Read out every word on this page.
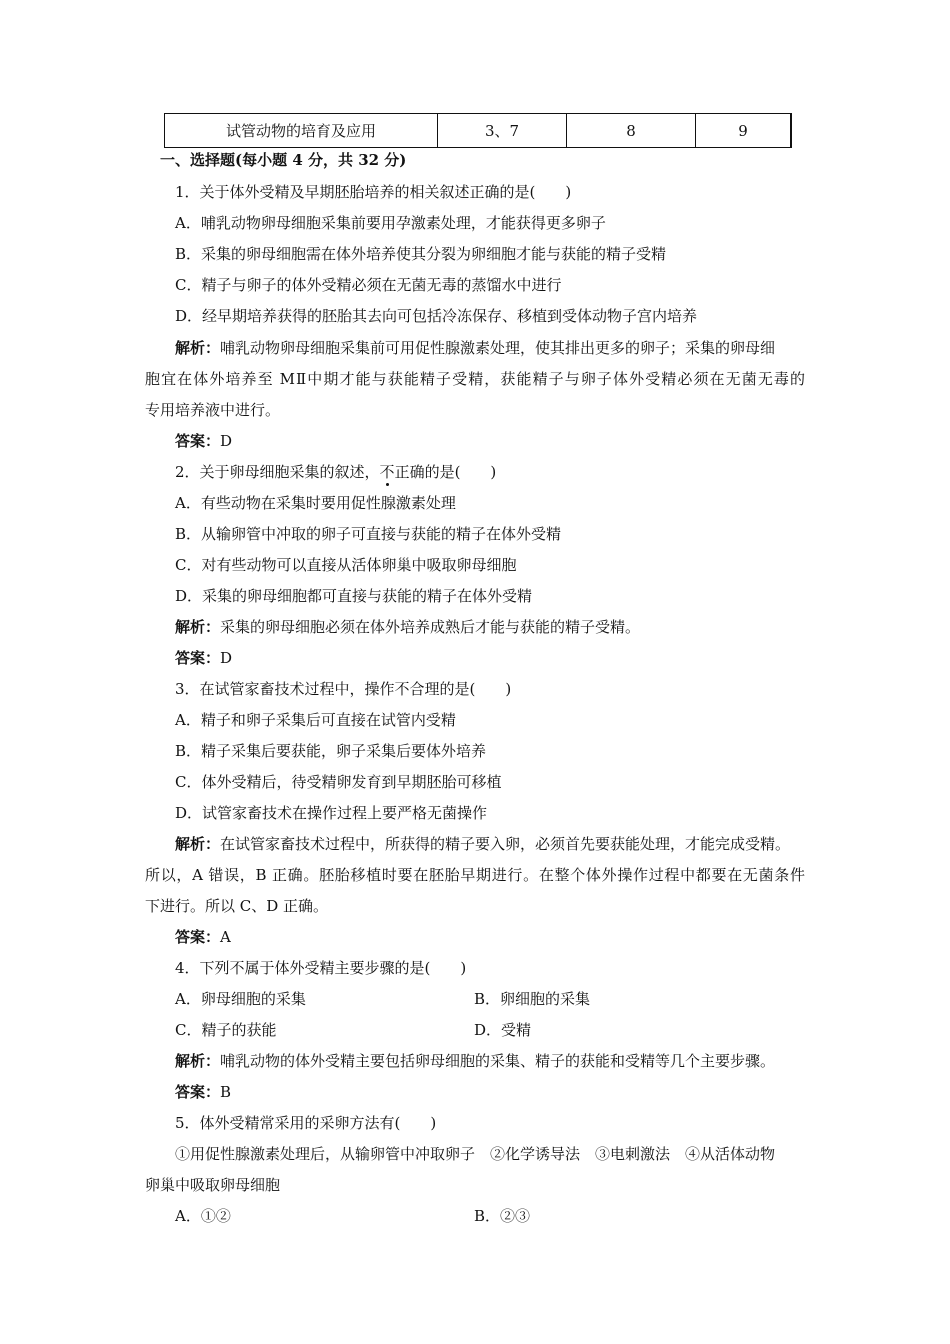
试管动物的培育及应用	3、7	8	9
一、选择题(每小题 4 分，共 32 分)
1．关于体外受精及早期胚胎培养的相关叙述正确的是(　　)
A．哺乳动物卵母细胞采集前要用孕激素处理，才能获得更多卵子
B．采集的卵母细胞需在体外培养使其分裂为卵细胞才能与获能的精子受精
C．精子与卵子的体外受精必须在无菌无毒的蒸馏水中进行
D．经早期培养获得的胚胎其去向可包括冷冻保存、移植到受体动物子宫内培养
解析：哺乳动物卵母细胞采集前可用促性腺激素处理，使其排出更多的卵子；采集的卵母细
胞宜在体外培养至 MⅡ中期才能与获能精子受精，获能精子与卵子体外受精必须在无菌无毒的
专用培养液中进行。
答案：D
2．关于卵母细胞采集的叙述，不正确的是(　　)
A．有些动物在采集时要用促性腺激素处理
B．从输卵管中冲取的卵子可直接与获能的精子在体外受精
C．对有些动物可以直接从活体卵巢中吸取卵母细胞
D．采集的卵母细胞都可直接与获能的精子在体外受精
解析：采集的卵母细胞必须在体外培养成熟后才能与获能的精子受精。
答案：D
3．在试管家畜技术过程中，操作不合理的是(　　)
A．精子和卵子采集后可直接在试管内受精
B．精子采集后要获能，卵子采集后要体外培养
C．体外受精后，待受精卵发育到早期胚胎可移植
D．试管家畜技术在操作过程上要严格无菌操作
解析：在试管家畜技术过程中，所获得的精子要入卵，必须首先要获能处理，才能完成受精。
所以，A 错误，B 正确。胚胎移植时要在胚胎早期进行。在整个体外操作过程中都要在无菌条件
下进行。所以 C、D 正确。
答案：A
4．下列不属于体外受精主要步骤的是(　　)
A．卵母细胞的采集	B．卵细胞的采集
C．精子的获能	D．受精
解析：哺乳动物的体外受精主要包括卵母细胞的采集、精子的获能和受精等几个主要步骤。
答案：B
5．体外受精常采用的采卵方法有(　　)
①用促性腺激素处理后，从输卵管中冲取卵子　②化学诱导法　③电刺激法　④从活体动物
卵巢中吸取卵母细胞
A．①②	B．②③
